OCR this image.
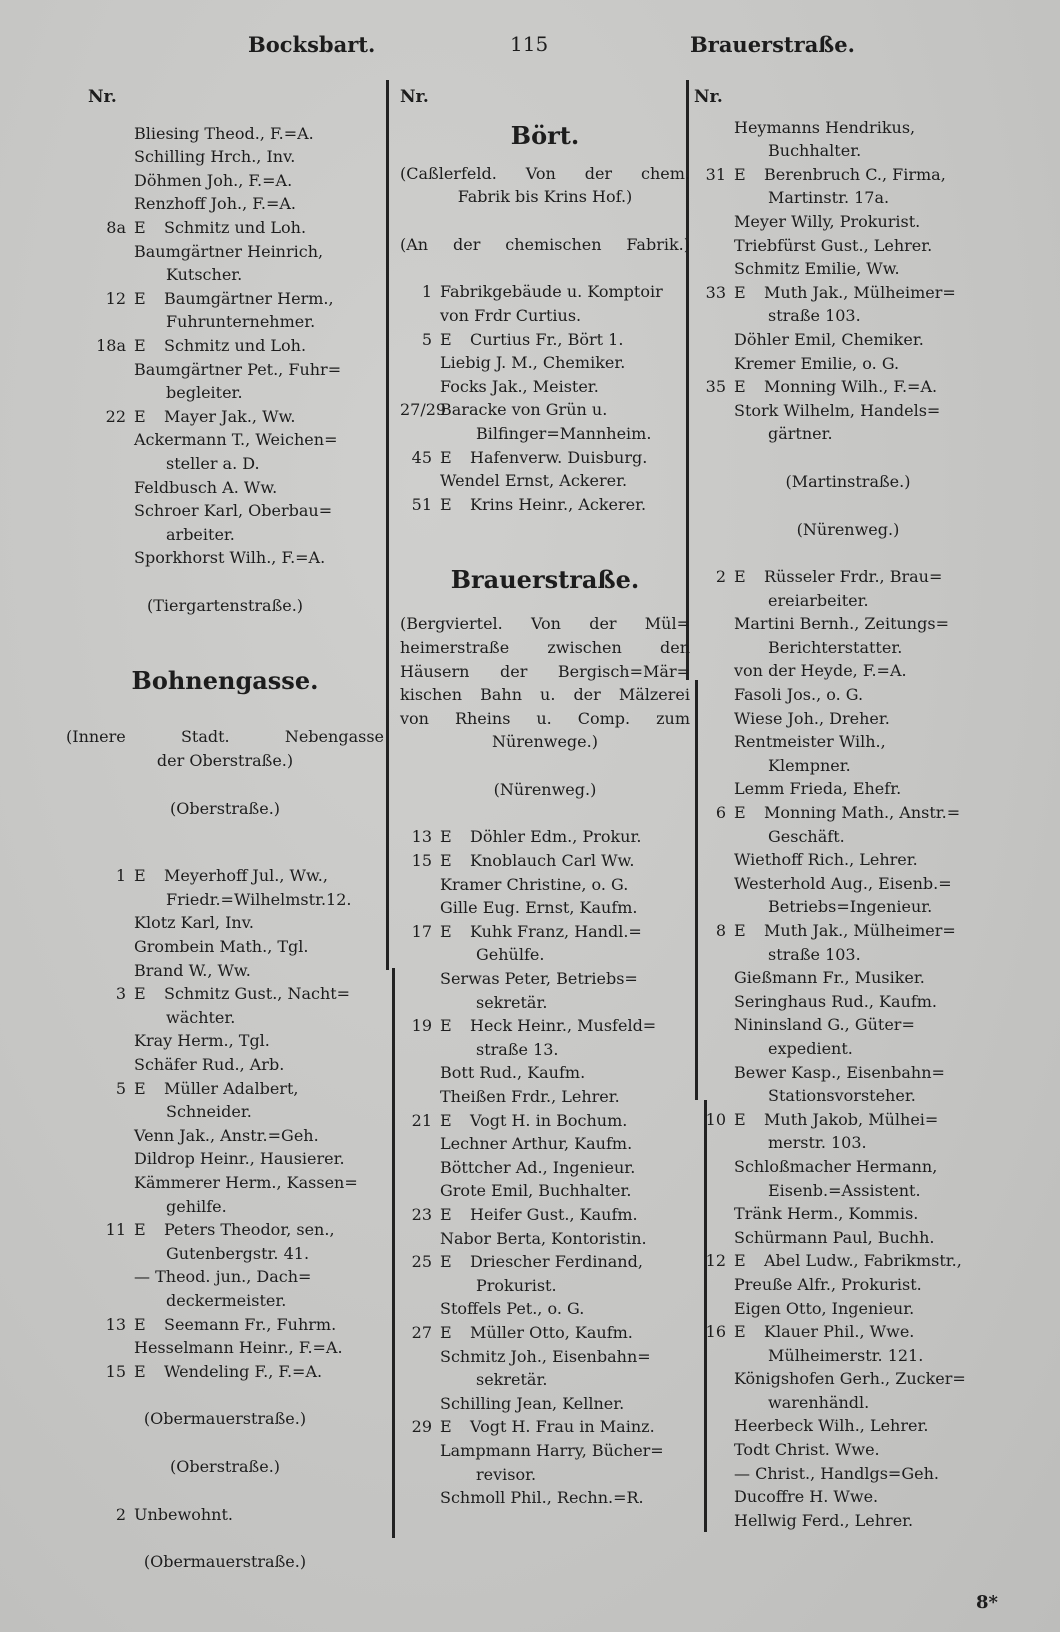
Bocksbart.	115	Brauerstraße.
Nr.
Bliesing Theod., F.=A.
Schilling Hrch., Inv.
Döhmen Joh., F.=A.
Renzhoff Joh., F.=A.
8a E Schmitz und Loh.
Baumgärtner Heinrich,
Kutscher.
12 E Baumgärtner Herm.,
Fuhrunternehmer.
18a E Schmitz und Loh.
Baumgärtner Pet., Fuhr=
begleiter.
22 E Mayer Jak., Ww.
Ackermann T., Weichen=
steller a. D.
Feldbusch A. Ww.
Schroer Karl, Oberbau=
arbeiter.
Sporkhorst Wilh., F.=A.
(Tiergartenstraße.)
Bohnengasse.
(Innere Stadt. Nebengasse
der Oberstraße.)
(Oberstraße.)
1 E Meyerhoff Jul., Ww.,
Friedr.=Wilhelmstr.12.
Klotz Karl, Inv.
Grombein Math., Tgl.
Brand W., Ww.
3 E Schmitz Gust., Nacht=
wächter.
Kray Herm., Tgl.
Schäfer Rud., Arb.
5 E Müller Adalbert,
Schneider.
Venn Jak., Anstr.=Geh.
Dildrop Heinr., Hausierer.
Kämmerer Herm., Kassen=
gehilfe.
11 E Peters Theodor, sen.,
Gutenbergstr. 41.
— Theod. jun., Dach=
deckermeister.
13 E Seemann Fr., Fuhrm.
Hesselmann Heinr., F.=A.
15 E Wendeling F., F.=A.
(Obermauerstraße.)
(Oberstraße.)
2 Unbewohnt.
(Obermauerstraße.)
Nr.
Bört.
(Caßlerfeld. Von der chem.
Fabrik bis Krins Hof.)
(An der chemischen Fabrik.)
1 Fabrikgebäude u. Komptoir
von Frdr Curtius.
5 E Curtius Fr., Bört 1.
Liebig J. M., Chemiker.
Focks Jak., Meister.
27/29Baracke von Grün u.
Bilfinger=Mannheim.
45 E Hafenverw. Duisburg.
Wendel Ernst, Ackerer.
51 E Krins Heinr., Ackerer.
Brauerstraße.
(Bergviertel. Von der Mül=
heimerstraße zwischen den
Häusern der Bergisch=Mär=
kischen Bahn u. der Mälzerei
von Rheins u. Comp. zum
Nürenwege.)
(Nürenweg.)
13 E Döhler Edm., Prokur.
15 E Knoblauch Carl Ww.
Kramer Christine, o. G.
Gille Eug. Ernst, Kaufm.
17 E Kuhk Franz, Handl.=
Gehülfe.
Serwas Peter, Betriebs=
sekretär.
19 E Heck Heinr., Musfeld=
straße 13.
Bott Rud., Kaufm.
Theißen Frdr., Lehrer.
21 E Vogt H. in Bochum.
Lechner Arthur, Kaufm.
Böttcher Ad., Ingenieur.
Grote Emil, Buchhalter.
23 E Heifer Gust., Kaufm.
Nabor Berta, Kontoristin.
25 E Driescher Ferdinand,
Prokurist.
Stoffels Pet., o. G.
27 E Müller Otto, Kaufm.
Schmitz Joh., Eisenbahn=
sekretär.
Schilling Jean, Kellner.
29 E Vogt H. Frau in Mainz.
Lampmann Harry, Bücher=
revisor.
Schmoll Phil., Rechn.=R.
Nr.
Heymanns Hendrikus,
Buchhalter.
31 E Berenbruch C., Firma,
Martinstr. 17a.
Meyer Willy, Prokurist.
Triebfürst Gust., Lehrer.
Schmitz Emilie, Ww.
33 E Muth Jak., Mülheimer=
straße 103.
Döhler Emil, Chemiker.
Kremer Emilie, o. G.
35 E Monning Wilh., F.=A.
Stork Wilhelm, Handels=
gärtner.
(Martinstraße.)
(Nürenweg.)
2 E Rüsseler Frdr., Brau=
ereiarbeiter.
Martini Bernh., Zeitungs=
Berichterstatter.
von der Heyde, F.=A.
Fasoli Jos., o. G.
Wiese Joh., Dreher.
Rentmeister Wilh.,
Klempner.
Lemm Frieda, Ehefr.
6 E Monning Math., Anstr.=
Geschäft.
Wiethoff Rich., Lehrer.
Westerhold Aug., Eisenb.=
Betriebs=Ingenieur.
8 E Muth Jak., Mülheimer=
straße 103.
Gießmann Fr., Musiker.
Seringhaus Rud., Kaufm.
Nininsland G., Güter=
expedient.
Bewer Kasp., Eisenbahn=
Stationsvorsteher.
10 E Muth Jakob, Mülhei=
merstr. 103.
Schloßmacher Hermann,
Eisenb.=Assistent.
Tränk Herm., Kommis.
Schürmann Paul, Buchh.
12 E Abel Ludw., Fabrikmstr.,
Preuße Alfr., Prokurist.
Eigen Otto, Ingenieur.
16 E Klauer Phil., Wwe.
Mülheimerstr. 121.
Königshofen Gerh., Zucker=
warenhändl.
Heerbeck Wilh., Lehrer.
Todt Christ. Wwe.
— Christ., Handlgs=Geh.
Ducoffre H. Wwe.
Hellwig Ferd., Lehrer.
8*
